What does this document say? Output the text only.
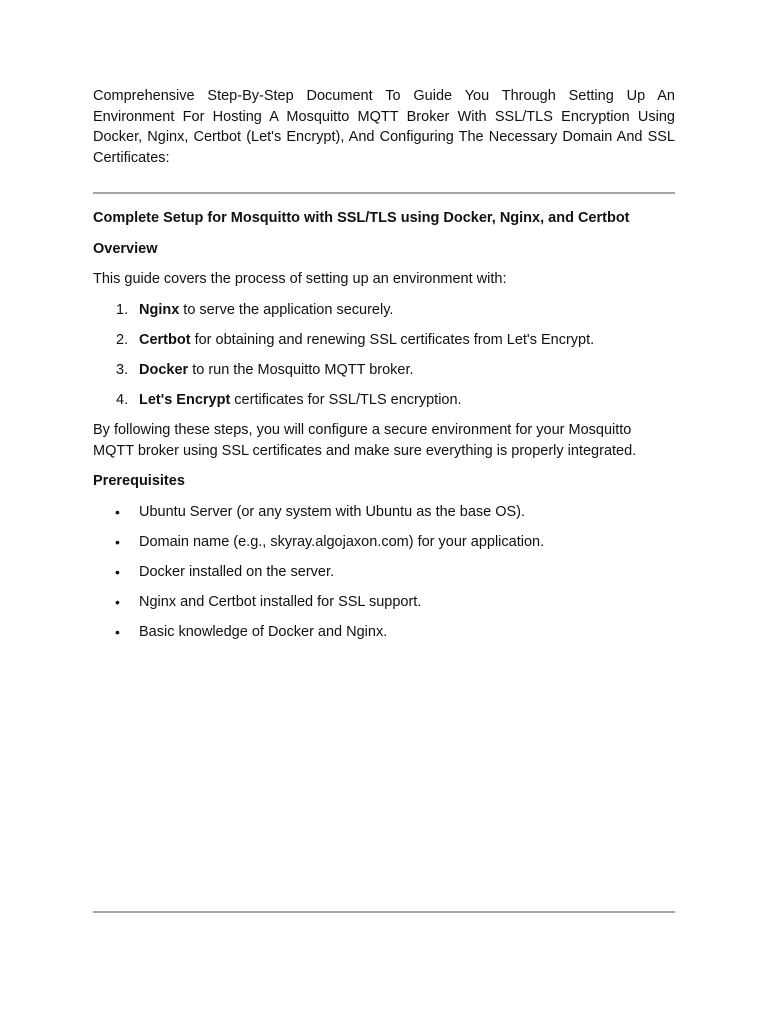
Comprehensive Step-By-Step Document To Guide You Through Setting Up An Environment For Hosting A Mosquitto MQTT Broker With SSL/TLS Encryption Using Docker, Nginx, Certbot (Let's Encrypt), And Configuring The Necessary Domain And SSL Certificates:

Complete Setup for Mosquitto with SSL/TLS using Docker, Nginx, and Certbot

Overview

This guide covers the process of setting up an environment with:

1. Nginx to serve the application securely.
2. Certbot for obtaining and renewing SSL certificates from Let's Encrypt.
3. Docker to run the Mosquitto MQTT broker.
4. Let's Encrypt certificates for SSL/TLS encryption.

By following these steps, you will configure a secure environment for your Mosquitto MQTT broker using SSL certificates and make sure everything is properly integrated.

Prerequisites

• Ubuntu Server (or any system with Ubuntu as the base OS).
• Domain name (e.g., skyray.algojaxon.com) for your application.
• Docker installed on the server.
• Nginx and Certbot installed for SSL support.
• Basic knowledge of Docker and Nginx.
